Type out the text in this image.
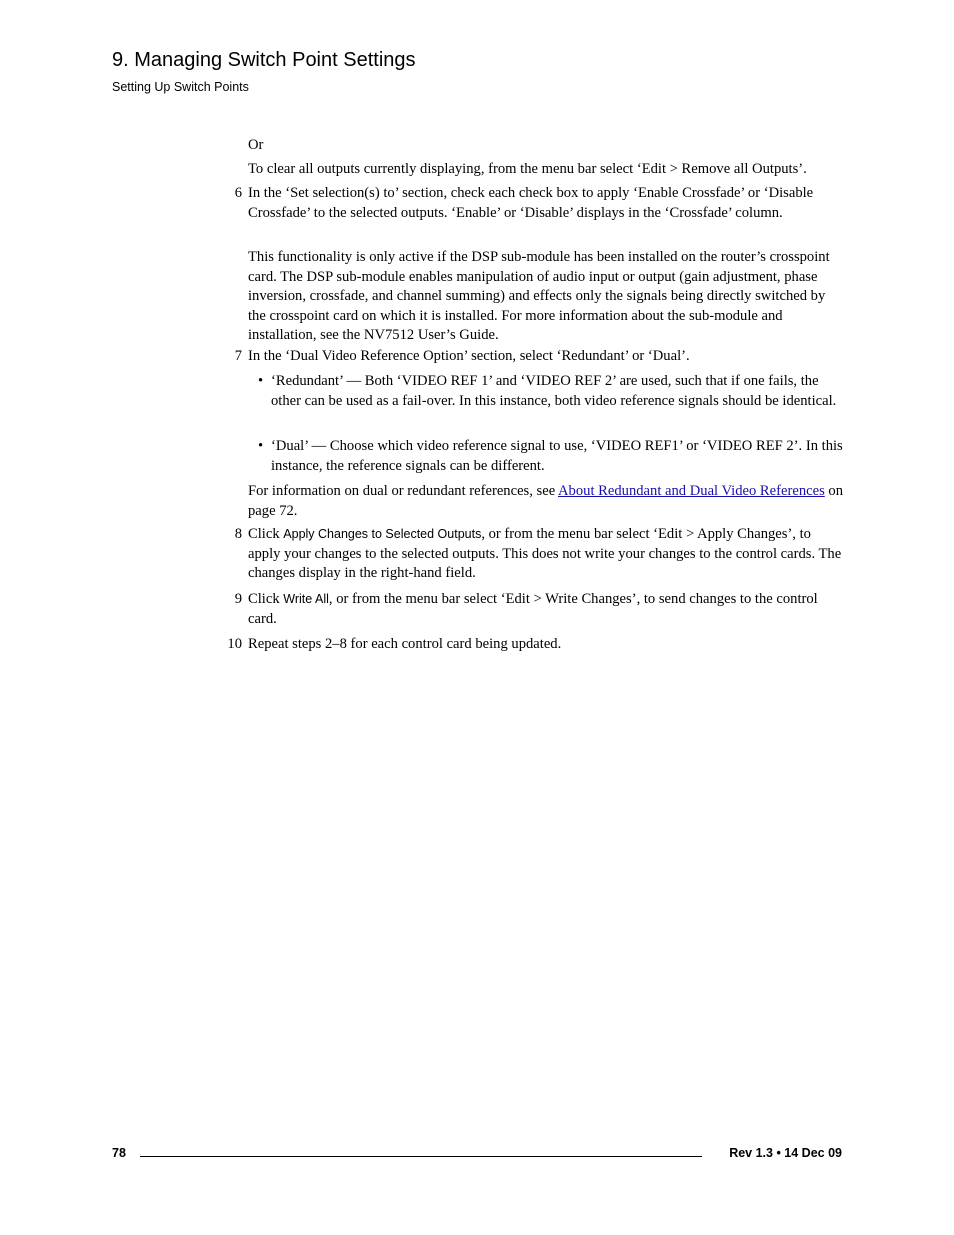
9. Managing Switch Point Settings
Setting Up Switch Points

Or

To clear all outputs currently displaying, from the menu bar select ‘Edit > Remove all Outputs’.

6 In the ‘Set selection(s) to’ section, check each check box to apply ‘Enable Crossfade’ or ‘Disable Crossfade’ to the selected outputs. ‘Enable’ or ‘Disable’ displays in the ‘Crossfade’ column.

This functionality is only active if the DSP sub-module has been installed on the router’s crosspoint card. The DSP sub-module enables manipulation of audio input or output (gain adjustment, phase inversion, crossfade, and channel summing) and effects only the signals being directly switched by the crosspoint card on which it is installed. For more information about the sub-module and installation, see the NV7512 User’s Guide.

7 In the ‘Dual Video Reference Option’ section, select ‘Redundant’ or ‘Dual’.

• ‘Redundant’ — Both ‘VIDEO REF 1’ and ‘VIDEO REF 2’ are used, such that if one fails, the other can be used as a fail-over. In this instance, both video reference signals should be identical.

• ‘Dual’ — Choose which video reference signal to use, ‘VIDEO REF1’ or ‘VIDEO REF 2’. In this instance, the reference signals can be different.

For information on dual or redundant references, see About Redundant and Dual Video References on page 72.

8 Click Apply Changes to Selected Outputs, or from the menu bar select ‘Edit > Apply Changes’, to apply your changes to the selected outputs. This does not write your changes to the control cards. The changes display in the right-hand field.

9 Click Write All, or from the menu bar select ‘Edit > Write Changes’, to send changes to the control card.

10 Repeat steps 2–8 for each control card being updated.

78	Rev 1.3 • 14 Dec 09
